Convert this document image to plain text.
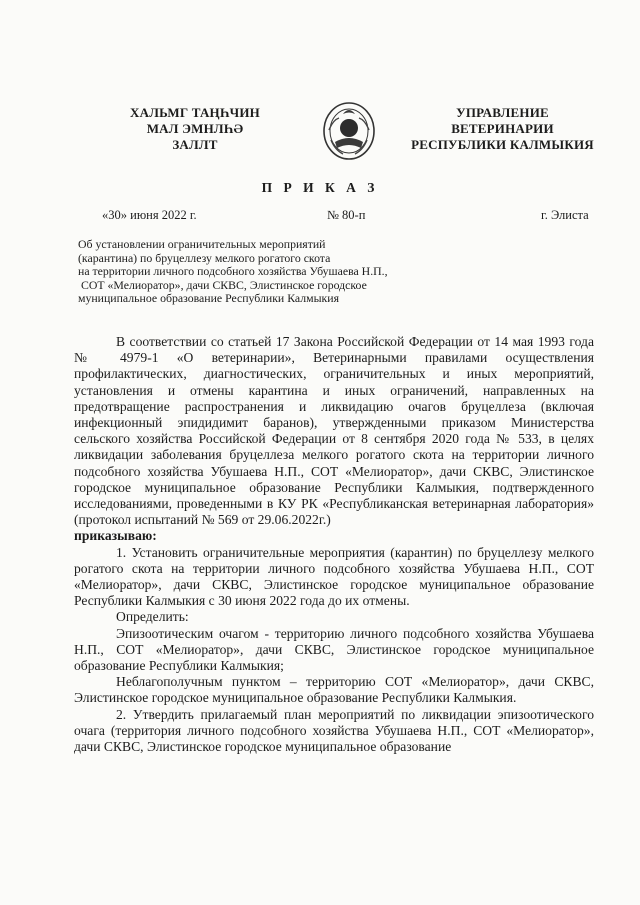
ХАЛЬМГ ТАҢҺЧИН
МАЛ ЭМНЛҺӘ
ЗАЛЛТ
УПРАВЛЕНИЕ
ВЕТЕРИНАРИИ
РЕСПУБЛИКИ КАЛМЫКИЯ
П Р И К А З
«30» июня 2022 г.	№ 80-п	г. Элиста
Об установлении ограничительных мероприятий
(карантина) по бруцеллезу мелкого рогатого скота
на территории личного подсобного хозяйства Убушаева Н.П.,
СОТ «Мелиоратор», дачи СКВС, Элистинское городское
муниципальное образование Республики Калмыкия

В соответствии со статьей 17 Закона Российской Федерации от 14 мая 1993 года № 4979-1 «О ветеринарии», Ветеринарными правилами осуществления профилактических, диагностических, ограничительных и иных мероприятий, установления и отмены карантина и иных ограничений, направленных на предотвращение распространения и ликвидацию очагов бруцеллеза (включая инфекционный эпидидимит баранов), утвержденными приказом Министерства сельского хозяйства Российской Федерации от 8 сентября 2020 года № 533, в целях ликвидации заболевания бруцеллеза мелкого рогатого скота на территории личного подсобного хозяйства Убушаева Н.П., СОТ «Мелиоратор», дачи СКВС, Элистинское городское муниципальное образование Республики Калмыкия, подтвержденного исследованиями, проведенными в КУ РК «Республиканская ветеринарная лаборатория» (протокол испытаний № 569 от 29.06.2022г.)

приказываю:

1. Установить ограничительные мероприятия (карантин) по бруцеллезу мелкого рогатого скота на территории личного подсобного хозяйства Убушаева Н.П., СОТ «Мелиоратор», дачи СКВС, Элистинское городское муниципальное образование Республики Калмыкия с 30 июня 2022 года до их отмены.

Определить:

Эпизоотическим очагом - территорию личного подсобного хозяйства Убушаева Н.П., СОТ «Мелиоратор», дачи СКВС, Элистинское городское муниципальное образование Республики Калмыкия;

Неблагополучным пунктом – территорию СОТ «Мелиоратор», дачи СКВС, Элистинское городское муниципальное образование Республики Калмыкия.

2. Утвердить прилагаемый план мероприятий по ликвидации эпизоотического очага (территория личного подсобного хозяйства Убушаева Н.П., СОТ «Мелиоратор», дачи СКВС, Элистинское городское муниципальное образование
